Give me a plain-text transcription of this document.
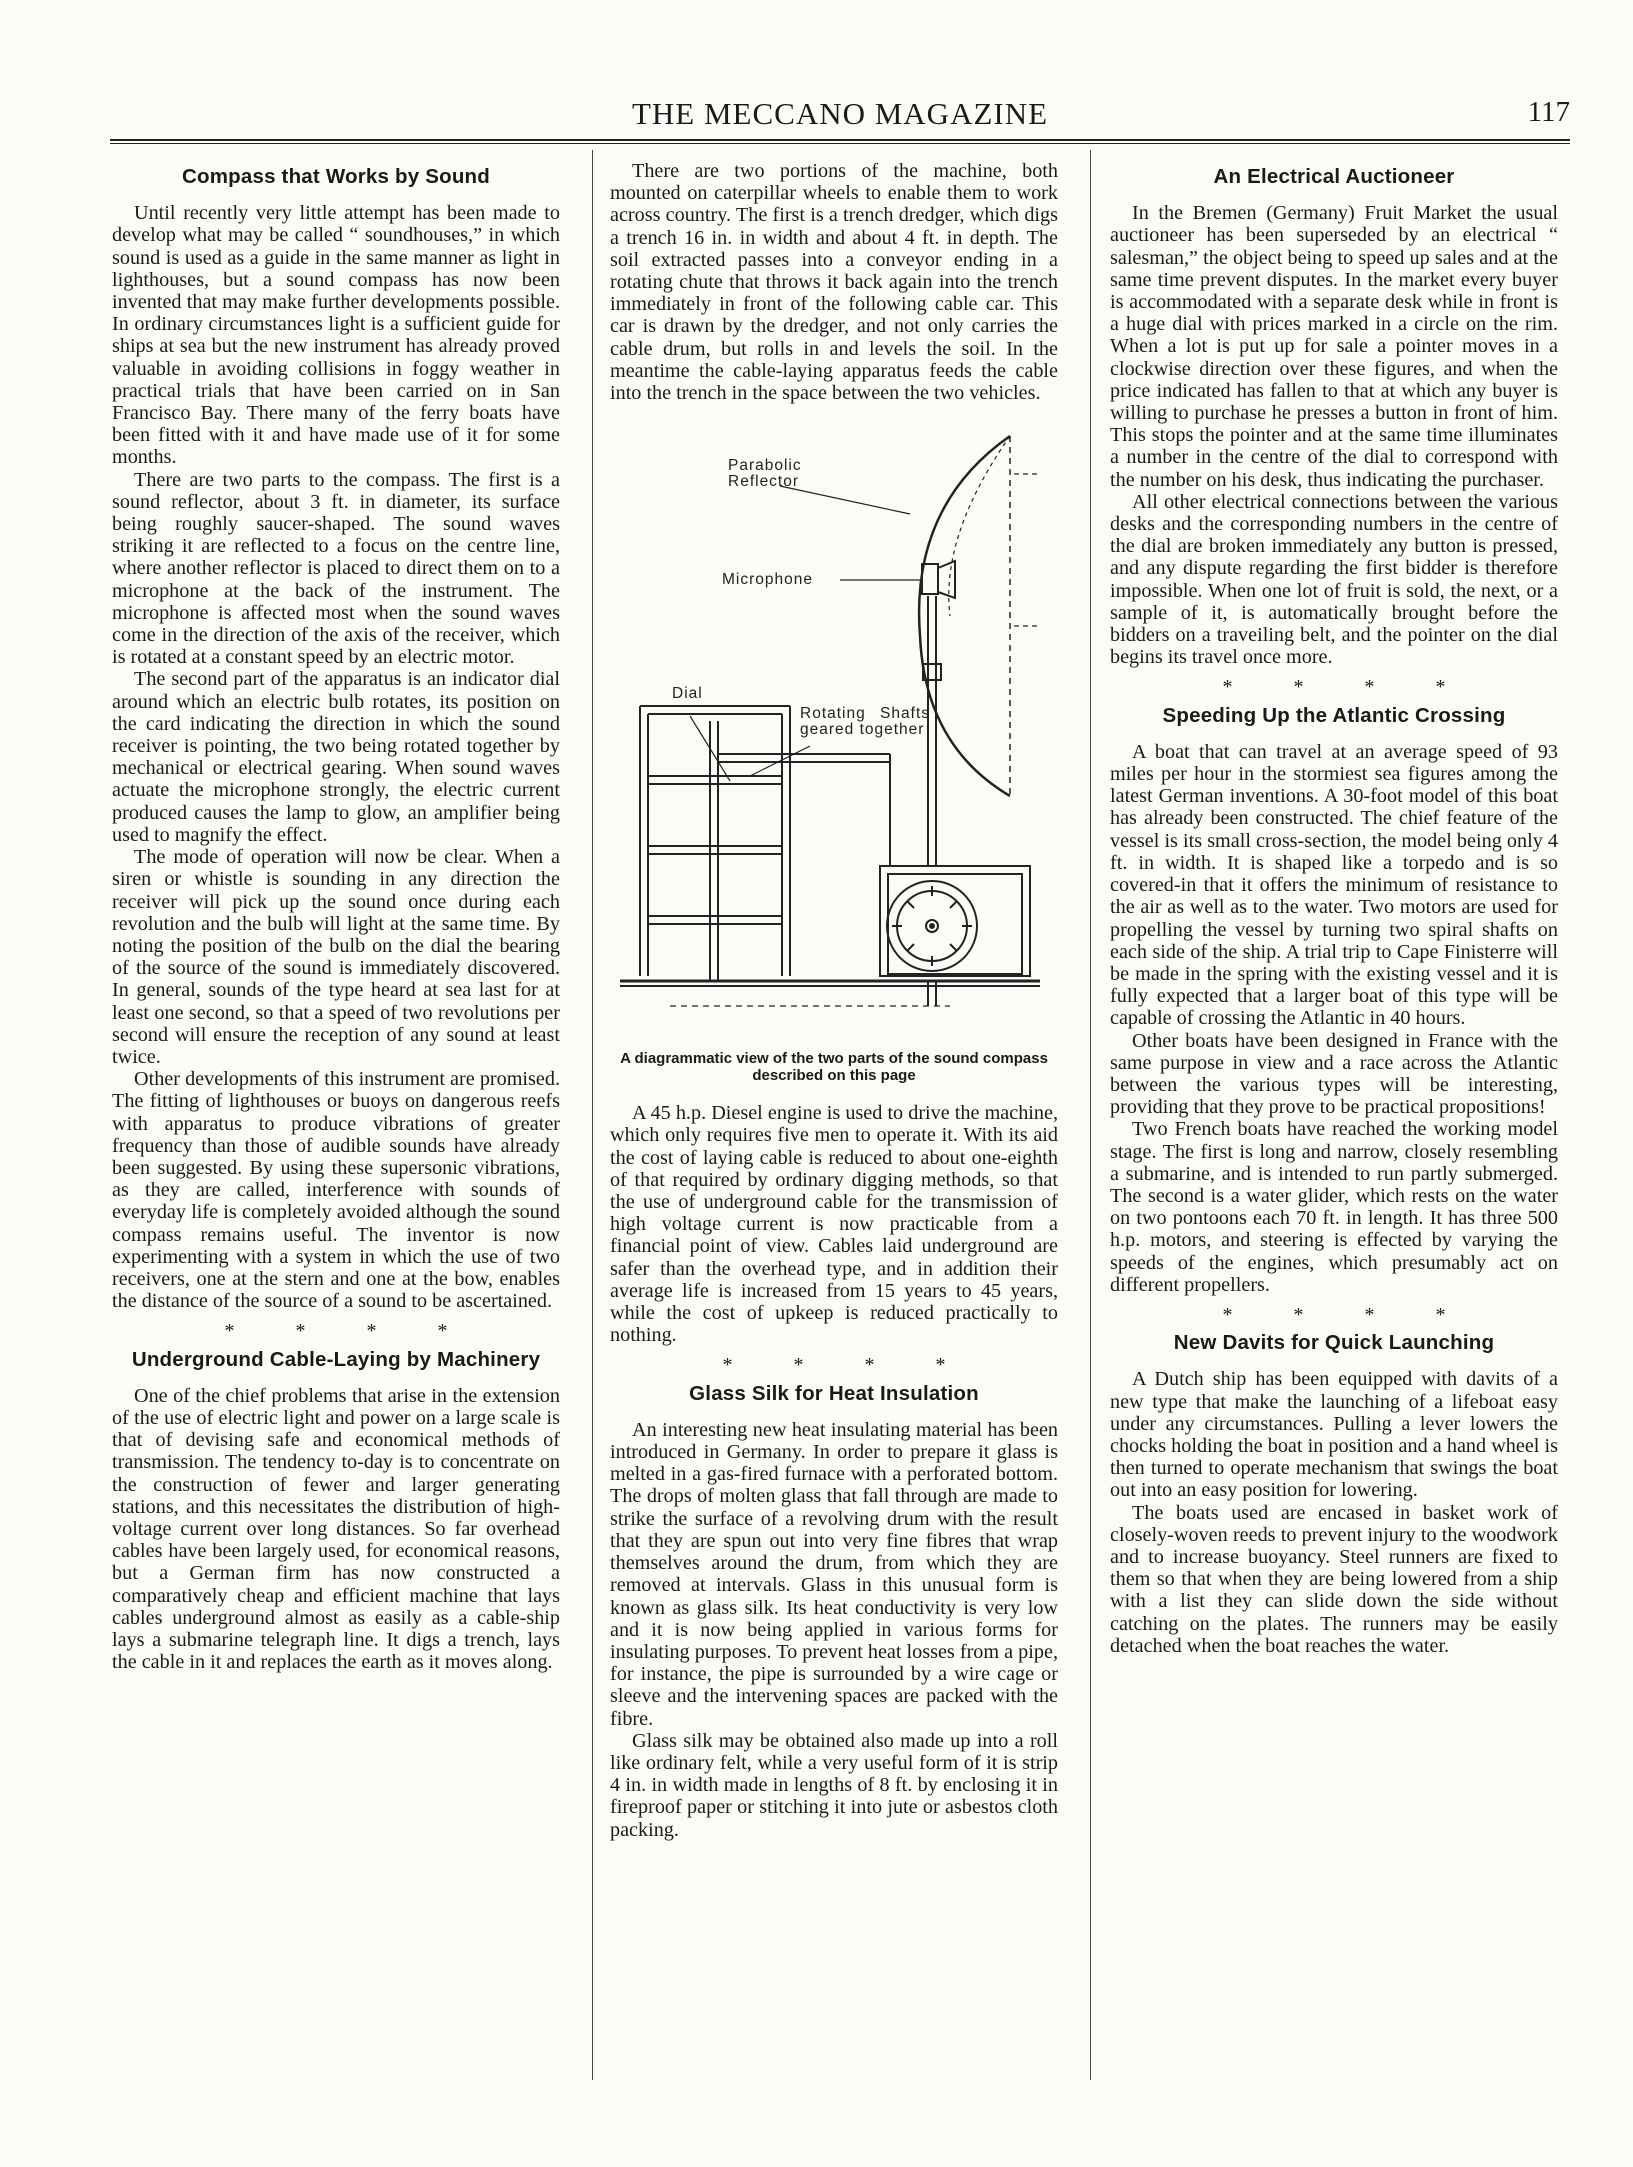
THE MECCANO MAGAZINE	117
Compass that Works by Sound

Until recently very little attempt has been made to develop what may be called “ soundhouses,” in which sound is used as a guide in the same manner as light in lighthouses, but a sound compass has now been invented that may make further developments possible. In ordinary circumstances light is a sufficient guide for ships at sea but the new instrument has already proved valuable in avoiding collisions in foggy weather in practical trials that have been carried on in San Francisco Bay. There many of the ferry boats have been fitted with it and have made use of it for some months.

There are two parts to the compass. The first is a sound reflector, about 3 ft. in diameter, its surface being roughly saucer-shaped. The sound waves striking it are reflected to a focus on the centre line, where another reflector is placed to direct them on to a microphone at the back of the instrument. The microphone is affected most when the sound waves come in the direction of the axis of the receiver, which is rotated at a constant speed by an electric motor.

The second part of the apparatus is an indicator dial around which an electric bulb rotates, its position on the card indicating the direction in which the sound receiver is pointing, the two being rotated together by mechanical or electrical gearing. When sound waves actuate the microphone strongly, the electric current produced causes the lamp to glow, an amplifier being used to magnify the effect.

The mode of operation will now be clear. When a siren or whistle is sounding in any direction the receiver will pick up the sound once during each revolution and the bulb will light at the same time. By noting the position of the bulb on the dial the bearing of the source of the sound is immediately discovered. In general, sounds of the type heard at sea last for at least one second, so that a speed of two revolutions per second will ensure the reception of any sound at least twice.

Other developments of this instrument are promised. The fitting of lighthouses or buoys on dangerous reefs with apparatus to produce vibrations of greater frequency than those of audible sounds have already been suggested. By using these supersonic vibrations, as they are called, interference with sounds of everyday life is completely avoided although the sound compass remains useful. The inventor is now experimenting with a system in which the use of two receivers, one at the stern and one at the bow, enables the distance of the source of a sound to be ascertained.

* * * *
Underground Cable-Laying by Machinery

One of the chief problems that arise in the extension of the use of electric light and power on a large scale is that of devising safe and economical methods of transmission. The tendency to-day is to concentrate on the construction of fewer and larger generating stations, and this necessitates the distribution of high-voltage current over long distances. So far overhead cables have been largely used, for economical reasons, but a German firm has now constructed a comparatively cheap and efficient machine that lays cables underground almost as easily as a cable-ship lays a submarine telegraph line. It digs a trench, lays the cable in it and replaces the earth as it moves along.

There are two portions of the machine, both mounted on caterpillar wheels to enable them to work across country. The first is a trench dredger, which digs a trench 16 in. in width and about 4 ft. in depth. The soil extracted passes into a conveyor ending in a rotating chute that throws it back again into the trench immediately in front of the following cable car. This car is drawn by the dredger, and not only carries the cable drum, but rolls in and levels the soil. In the meantime the cable-laying apparatus feeds the cable into the trench in the space between the two vehicles.

Parabolic Reflector
Microphone
Dial
Rotating Shafts geared together
A diagrammatic view of the two parts of the sound compass described on this page

A 45 h.p. Diesel engine is used to drive the machine, which only requires five men to operate it. With its aid the cost of laying cable is reduced to about one-eighth of that required by ordinary digging methods, so that the use of underground cable for the transmission of high voltage current is now practicable from a financial point of view. Cables laid underground are safer than the overhead type, and in addition their average life is increased from 15 years to 45 years, while the cost of upkeep is reduced practically to nothing.

* * * *
Glass Silk for Heat Insulation

An interesting new heat insulating material has been introduced in Germany. In order to prepare it glass is melted in a gas-fired furnace with a perforated bottom. The drops of molten glass that fall through are made to strike the surface of a revolving drum with the result that they are spun out into very fine fibres that wrap themselves around the drum, from which they are removed at intervals. Glass in this unusual form is known as glass silk. Its heat conductivity is very low and it is now being applied in various forms for insulating purposes. To prevent heat losses from a pipe, for instance, the pipe is surrounded by a wire cage or sleeve and the intervening spaces are packed with the fibre.

Glass silk may be obtained also made up into a roll like ordinary felt, while a very useful form of it is strip 4 in. in width made in lengths of 8 ft. by enclosing it in fireproof paper or stitching it into jute or asbestos cloth packing.

An Electrical Auctioneer

In the Bremen (Germany) Fruit Market the usual auctioneer has been superseded by an electrical “ salesman,” the object being to speed up sales and at the same time prevent disputes. In the market every buyer is accommodated with a separate desk while in front is a huge dial with prices marked in a circle on the rim. When a lot is put up for sale a pointer moves in a clockwise direction over these figures, and when the price indicated has fallen to that at which any buyer is willing to purchase he presses a button in front of him. This stops the pointer and at the same time illuminates a number in the centre of the dial to correspond with the number on his desk, thus indicating the purchaser.

All other electrical connections between the various desks and the corresponding numbers in the centre of the dial are broken immediately any button is pressed, and any dispute regarding the first bidder is therefore impossible. When one lot of fruit is sold, the next, or a sample of it, is automatically brought before the bidders on a traveiling belt, and the pointer on the dial begins its travel once more.

* * * *
Speeding Up the Atlantic Crossing

A boat that can travel at an average speed of 93 miles per hour in the stormiest sea figures among the latest German inventions. A 30-foot model of this boat has already been constructed. The chief feature of the vessel is its small cross-section, the model being only 4 ft. in width. It is shaped like a torpedo and is so covered-in that it offers the minimum of resistance to the air as well as to the water. Two motors are used for propelling the vessel by turning two spiral shafts on each side of the ship. A trial trip to Cape Finisterre will be made in the spring with the existing vessel and it is fully expected that a larger boat of this type will be capable of crossing the Atlantic in 40 hours.

Other boats have been designed in France with the same purpose in view and a race across the Atlantic between the various types will be interesting, providing that they prove to be practical propositions!

Two French boats have reached the working model stage. The first is long and narrow, closely resembling a submarine, and is intended to run partly submerged. The second is a water glider, which rests on the water on two pontoons each 70 ft. in length. It has three 500 h.p. motors, and steering is effected by varying the speeds of the engines, which presumably act on different propellers.

* * * *
New Davits for Quick Launching

A Dutch ship has been equipped with davits of a new type that make the launching of a lifeboat easy under any circumstances. Pulling a lever lowers the chocks holding the boat in position and a hand wheel is then turned to operate mechanism that swings the boat out into an easy position for lowering.

The boats used are encased in basket work of closely-woven reeds to prevent injury to the woodwork and to increase buoyancy. Steel runners are fixed to them so that when they are being lowered from a ship with a list they can slide down the side without catching on the plates. The runners may be easily detached when the boat reaches the water.
